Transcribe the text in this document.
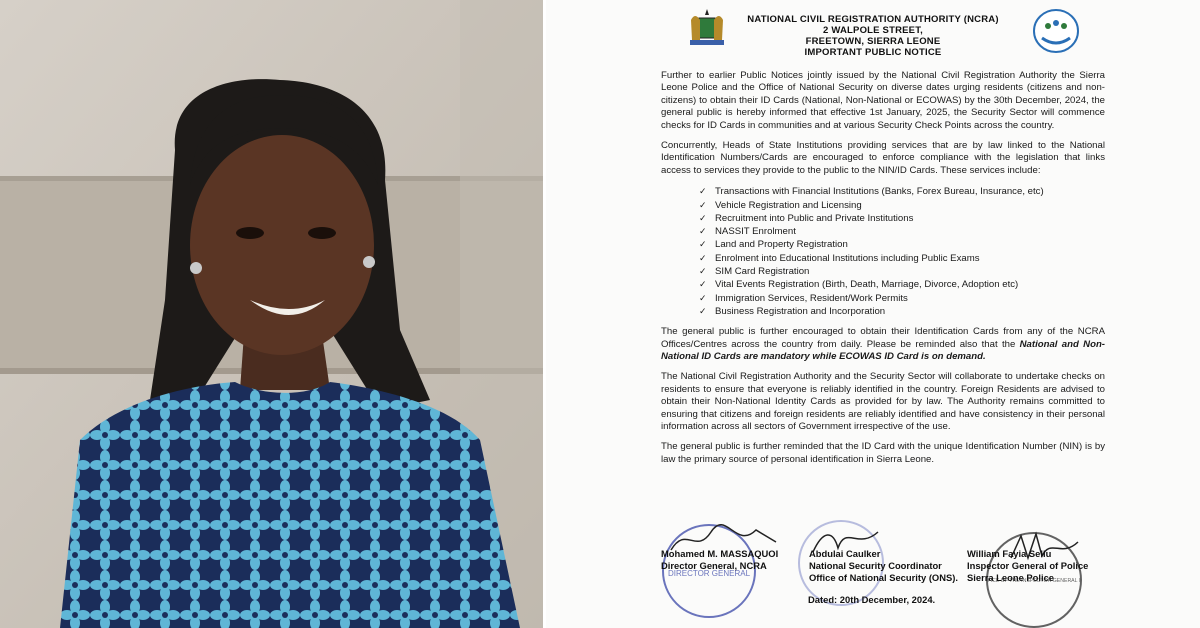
NATIONAL CIVIL REGISTRATION AUTHORITY (NCRA)
2 WALPOLE STREET,
FREETOWN, SIERRA LEONE
IMPORTANT PUBLIC NOTICE

Further to earlier Public Notices jointly issued by the National Civil Registration Authority the Sierra Leone Police and the Office of National Security on diverse dates urging residents (citizens and non-citizens) to obtain their ID Cards (National, Non-National or ECOWAS) by the 30th December, 2024, the general public is hereby informed that effective 1st January, 2025, the Security Sector will commence checks for ID Cards in communities and at various Security Check Points across the country.

Concurrently, Heads of State Institutions providing services that are by law linked to the National Identification Numbers/Cards are encouraged to enforce compliance with the legislation that links access to services they provide to the public to the NIN/ID Cards. These services include:

✓ Transactions with Financial Institutions (Banks, Forex Bureau, Insurance, etc)
✓ Vehicle Registration and Licensing
✓ Recruitment into Public and Private Institutions
✓ NASSIT Enrolment
✓ Land and Property Registration
✓ Enrolment into Educational Institutions including Public Exams
✓ SIM Card Registration
✓ Vital Events Registration (Birth, Death, Marriage, Divorce, Adoption etc)
✓ Immigration Services, Resident/Work Permits
✓ Business Registration and Incorporation

The general public is further encouraged to obtain their Identification Cards from any of the NCRA Offices/Centres across the country from daily. Please be reminded also that the National and Non-National ID Cards are mandatory while ECOWAS ID Card is on demand.

The National Civil Registration Authority and the Security Sector will collaborate to undertake checks on residents to ensure that everyone is reliably identified in the country. Foreign Residents are advised to obtain their Non-National Identity Cards as provided for by law. The Authority remains committed to ensuring that citizens and foreign residents are reliably identified and have consistency in their personal information across all sectors of Government irrespective of the use.

The general public is further reminded that the ID Card with the unique Identification Number (NIN) is by law the primary source of personal identification in Sierra Leone.

DIRECTOR GENERAL
FICE OF THE INSPECTOR GENERAL
Mohamed M. MASSAQUOI
Director General, NCRA
Abdulai Caulker
National Security Coordinator
Office of National Security (ONS).
William Fayia Sellu
Inspector General of Police
Sierra Leone Police
Dated: 20th December, 2024.
